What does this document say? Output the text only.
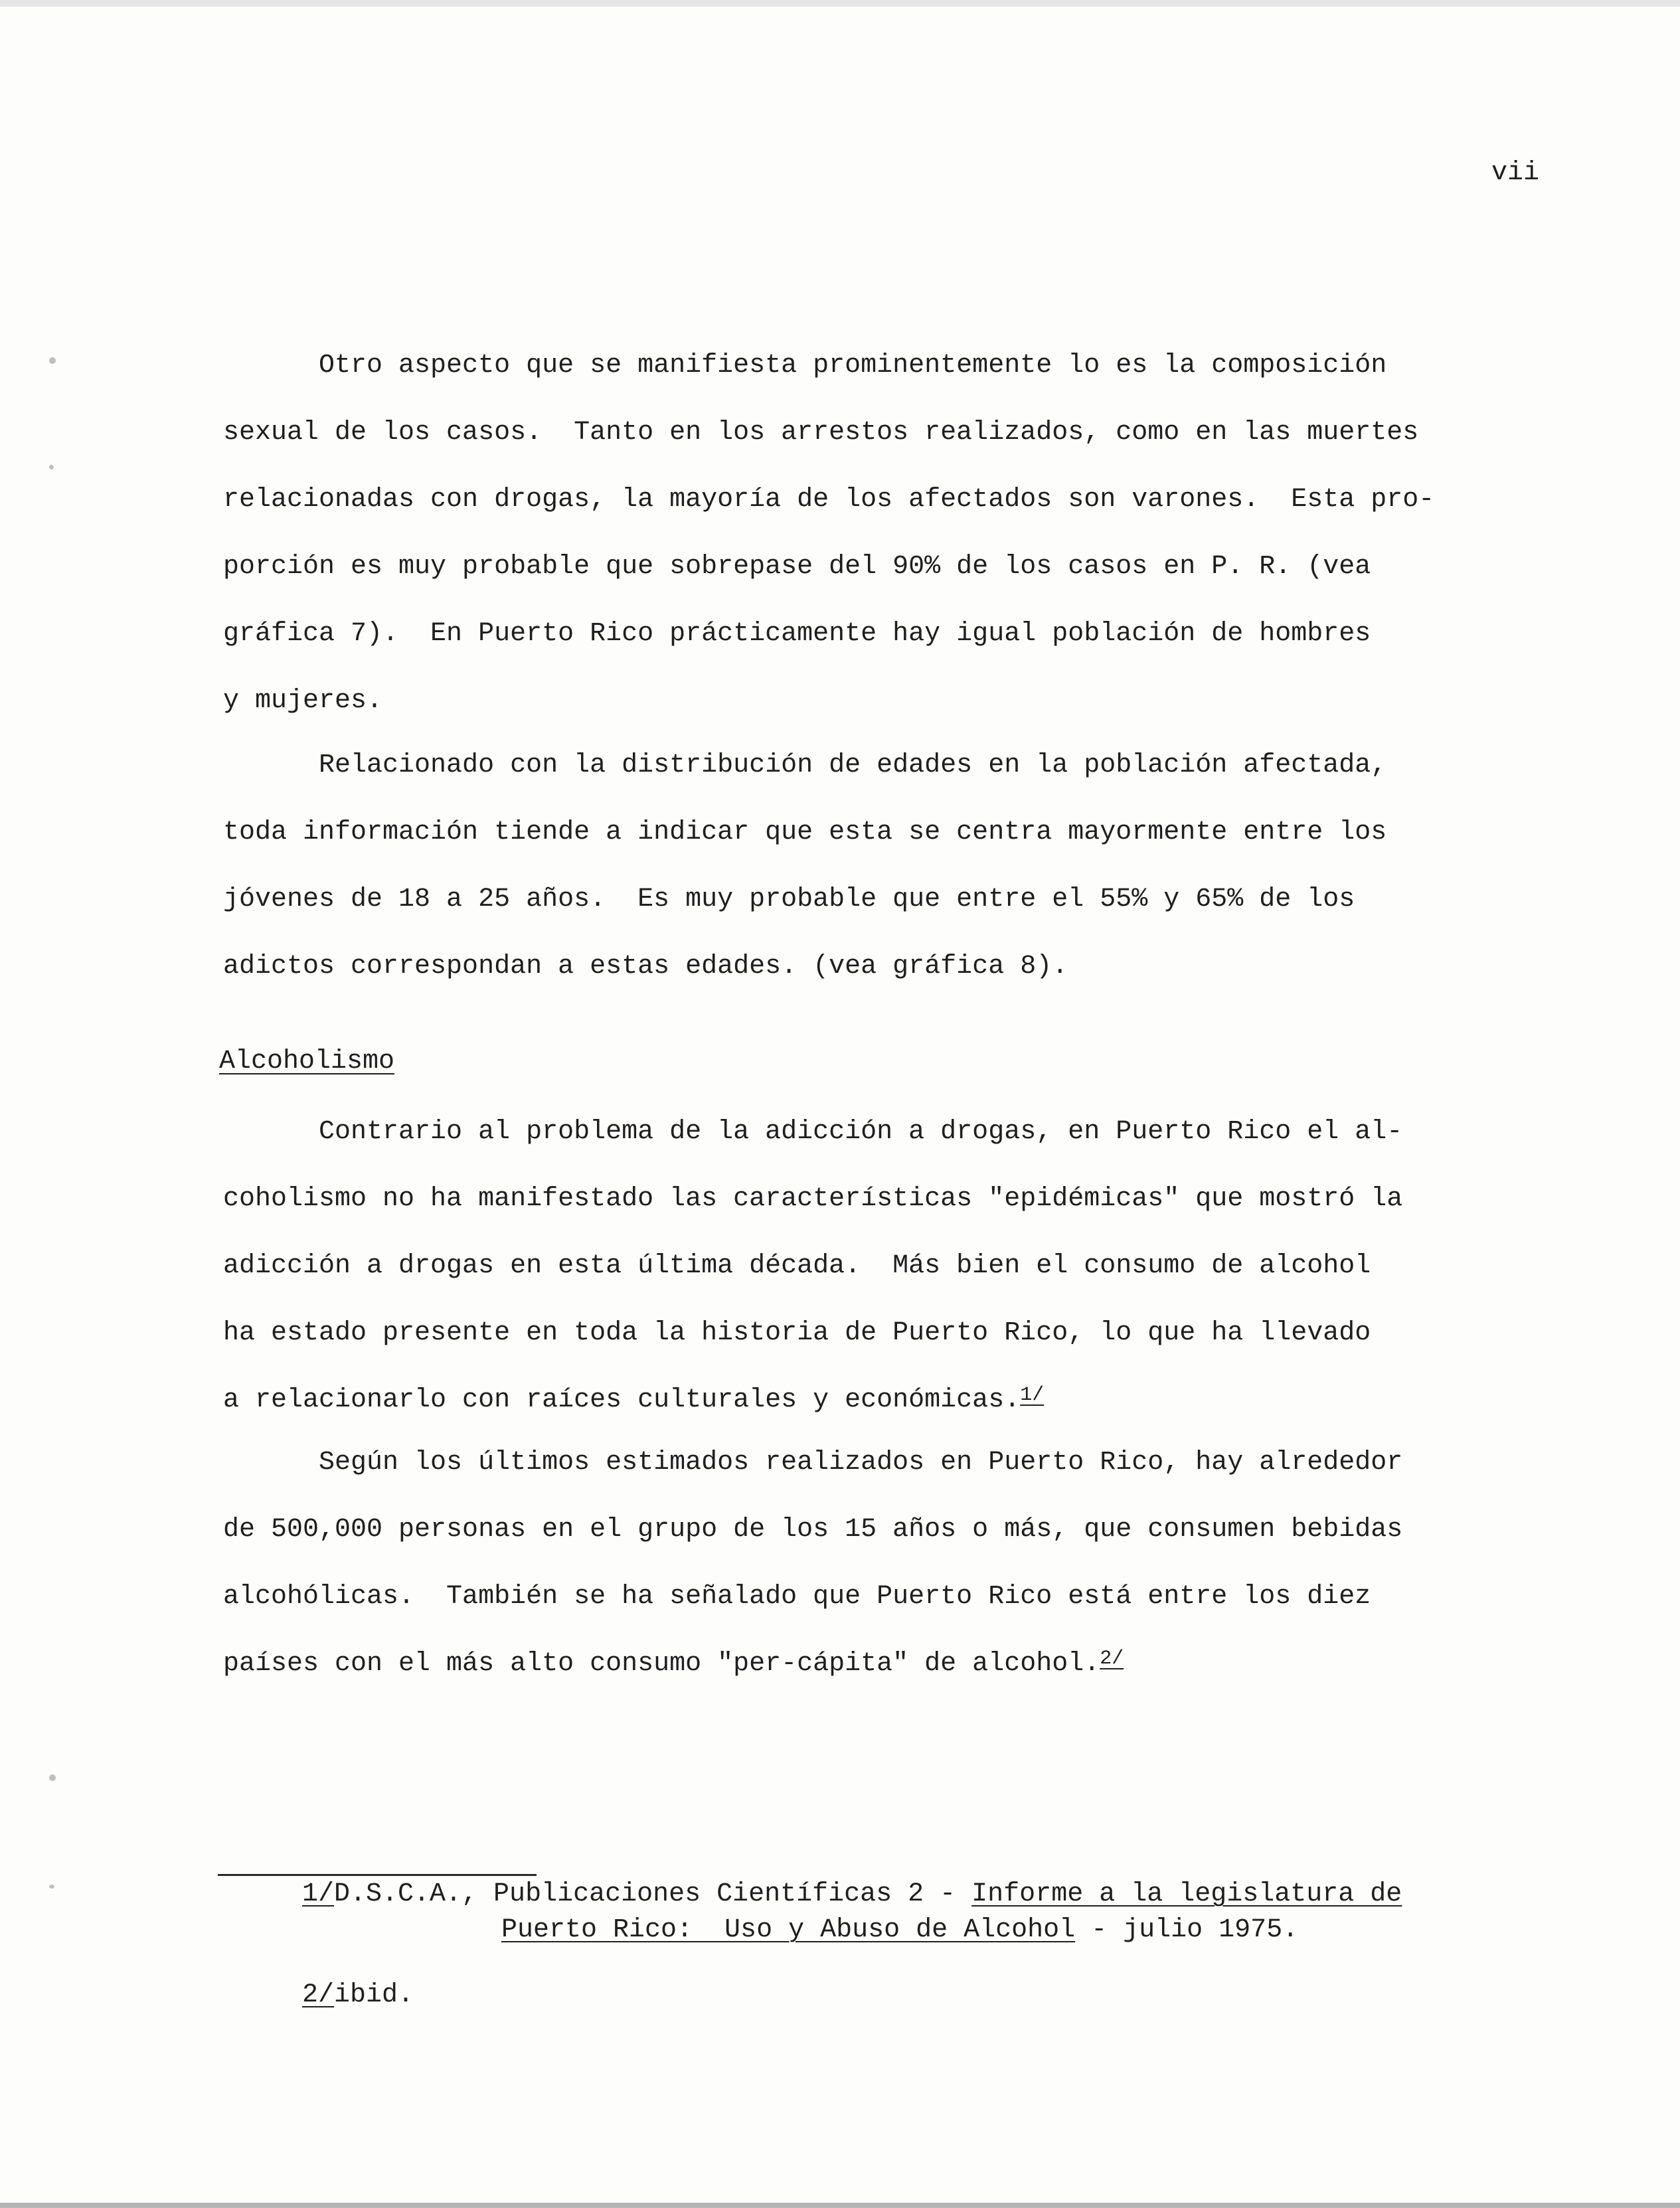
vii

Otro aspecto que se manifiesta prominentemente lo es la composición

sexual de los casos.  Tanto en los arrestos realizados, como en las muertes

relacionadas con drogas, la mayoría de los afectados son varones.  Esta pro-

porción es muy probable que sobrepase del 90% de los casos en P. R. (vea

gráfica 7).  En Puerto Rico prácticamente hay igual población de hombres

y mujeres.

Relacionado con la distribución de edades en la población afectada,

toda información tiende a indicar que esta se centra mayormente entre los

jóvenes de 18 a 25 años.  Es muy probable que entre el 55% y 65% de los

adictos correspondan a estas edades. (vea gráfica 8).

Alcoholismo

Contrario al problema de la adicción a drogas, en Puerto Rico el al-

coholismo no ha manifestado las características "epidémicas" que mostró la

adicción a drogas en esta última década.  Más bien el consumo de alcohol

ha estado presente en toda la historia de Puerto Rico, lo que ha llevado

a relacionarlo con raíces culturales y económicas.$^{1/}$

Según los últimos estimados realizados en Puerto Rico, hay alrededor

de 500,000 personas en el grupo de los 15 años o más, que consumen bebidas

alcohólicas.  También se ha señalado que Puerto Rico está entre los diez

países con el más alto consumo "per-cápita" de alcohol.$^{2/}$

1/D.S.C.A., Publicaciones Científicas 2 - Informe a la legislatura de
Puerto Rico:  Uso y Abuso de Alcohol - julio 1975.
2/ibid.
